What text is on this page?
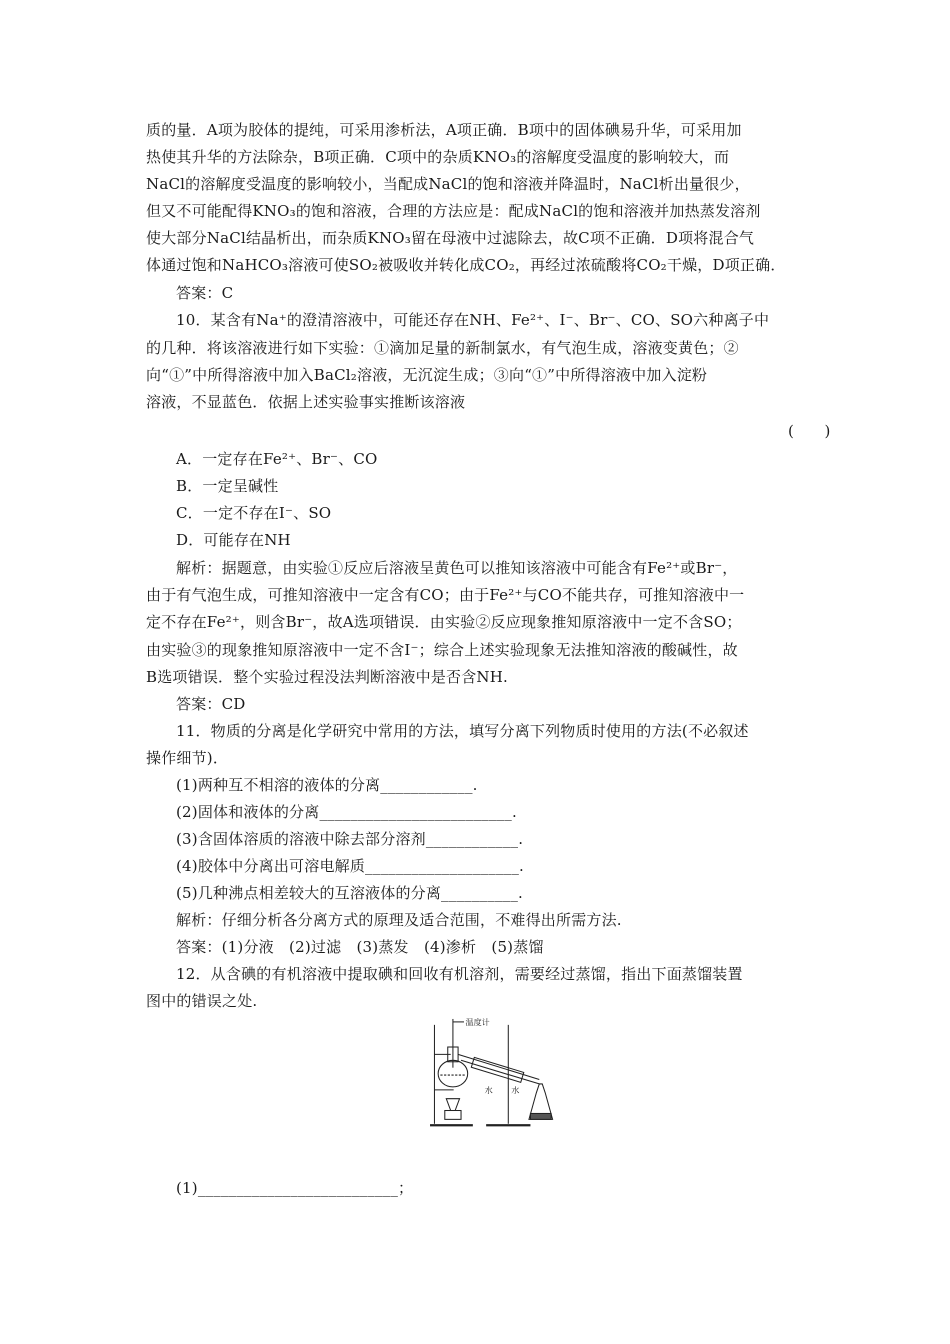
质的量．A项为胶体的提纯，可采用渗析法，A项正确．B项中的固体碘易升华，可采用加
热使其升华的方法除杂，B项正确．C项中的杂质KNO₃的溶解度受温度的影响较大，而
NaCl的溶解度受温度的影响较小，当配成NaCl的饱和溶液并降温时，NaCl析出量很少，
但又不可能配得KNO₃的饱和溶液，合理的方法应是：配成NaCl的饱和溶液并加热蒸发溶剂
使大部分NaCl结晶析出，而杂质KNO₃留在母液中过滤除去，故C项不正确．D项将混合气
体通过饱和NaHCO₃溶液可使SO₂被吸收并转化成CO₂，再经过浓硫酸将CO₂干燥，D项正确．
答案：C
10．某含有Na⁺的澄清溶液中，可能还存在NH、Fe²⁺、I⁻、Br⁻、CO、SO六种离子中
的几种．将该溶液进行如下实验：①滴加足量的新制氯水，有气泡生成，溶液变黄色；②
向“①”中所得溶液中加入BaCl₂溶液，无沉淀生成；③向“①”中所得溶液中加入淀粉
溶液，不显蓝色．依据上述实验事实推断该溶液
(　　)
A．一定存在Fe²⁺、Br⁻、CO
B．一定呈碱性
C．一定不存在I⁻、SO
D．可能存在NH
解析：据题意，由实验①反应后溶液呈黄色可以推知该溶液中可能含有Fe²⁺或Br⁻，
由于有气泡生成，可推知溶液中一定含有CO；由于Fe²⁺与CO不能共存，可推知溶液中一
定不存在Fe²⁺，则含Br⁻，故A选项错误．由实验②反应现象推知原溶液中一定不含SO；
由实验③的现象推知原溶液中一定不含I⁻；综合上述实验现象无法推知溶液的酸碱性，故
B选项错误．整个实验过程没法判断溶液中是否含NH.
答案：CD
11．物质的分离是化学研究中常用的方法，填写分离下列物质时使用的方法(不必叙述
操作细节)．
(1)两种互不相溶的液体的分离____________.
(2)固体和液体的分离_________________________.
(3)含固体溶质的溶液中除去部分溶剂____________.
(4)胶体中分离出可溶电解质____________________.
(5)几种沸点相差较大的互溶液体的分离__________.
解析：仔细分析各分离方式的原理及适合范围，不难得出所需方法.
答案：(1)分液　(2)过滤　(3)蒸发　(4)渗析　(5)蒸馏
12．从含碘的有机溶液中提取碘和回收有机溶剂，需要经过蒸馏，指出下面蒸馏装置
图中的错误之处.
温度计
水 水
(1)__________________________；
